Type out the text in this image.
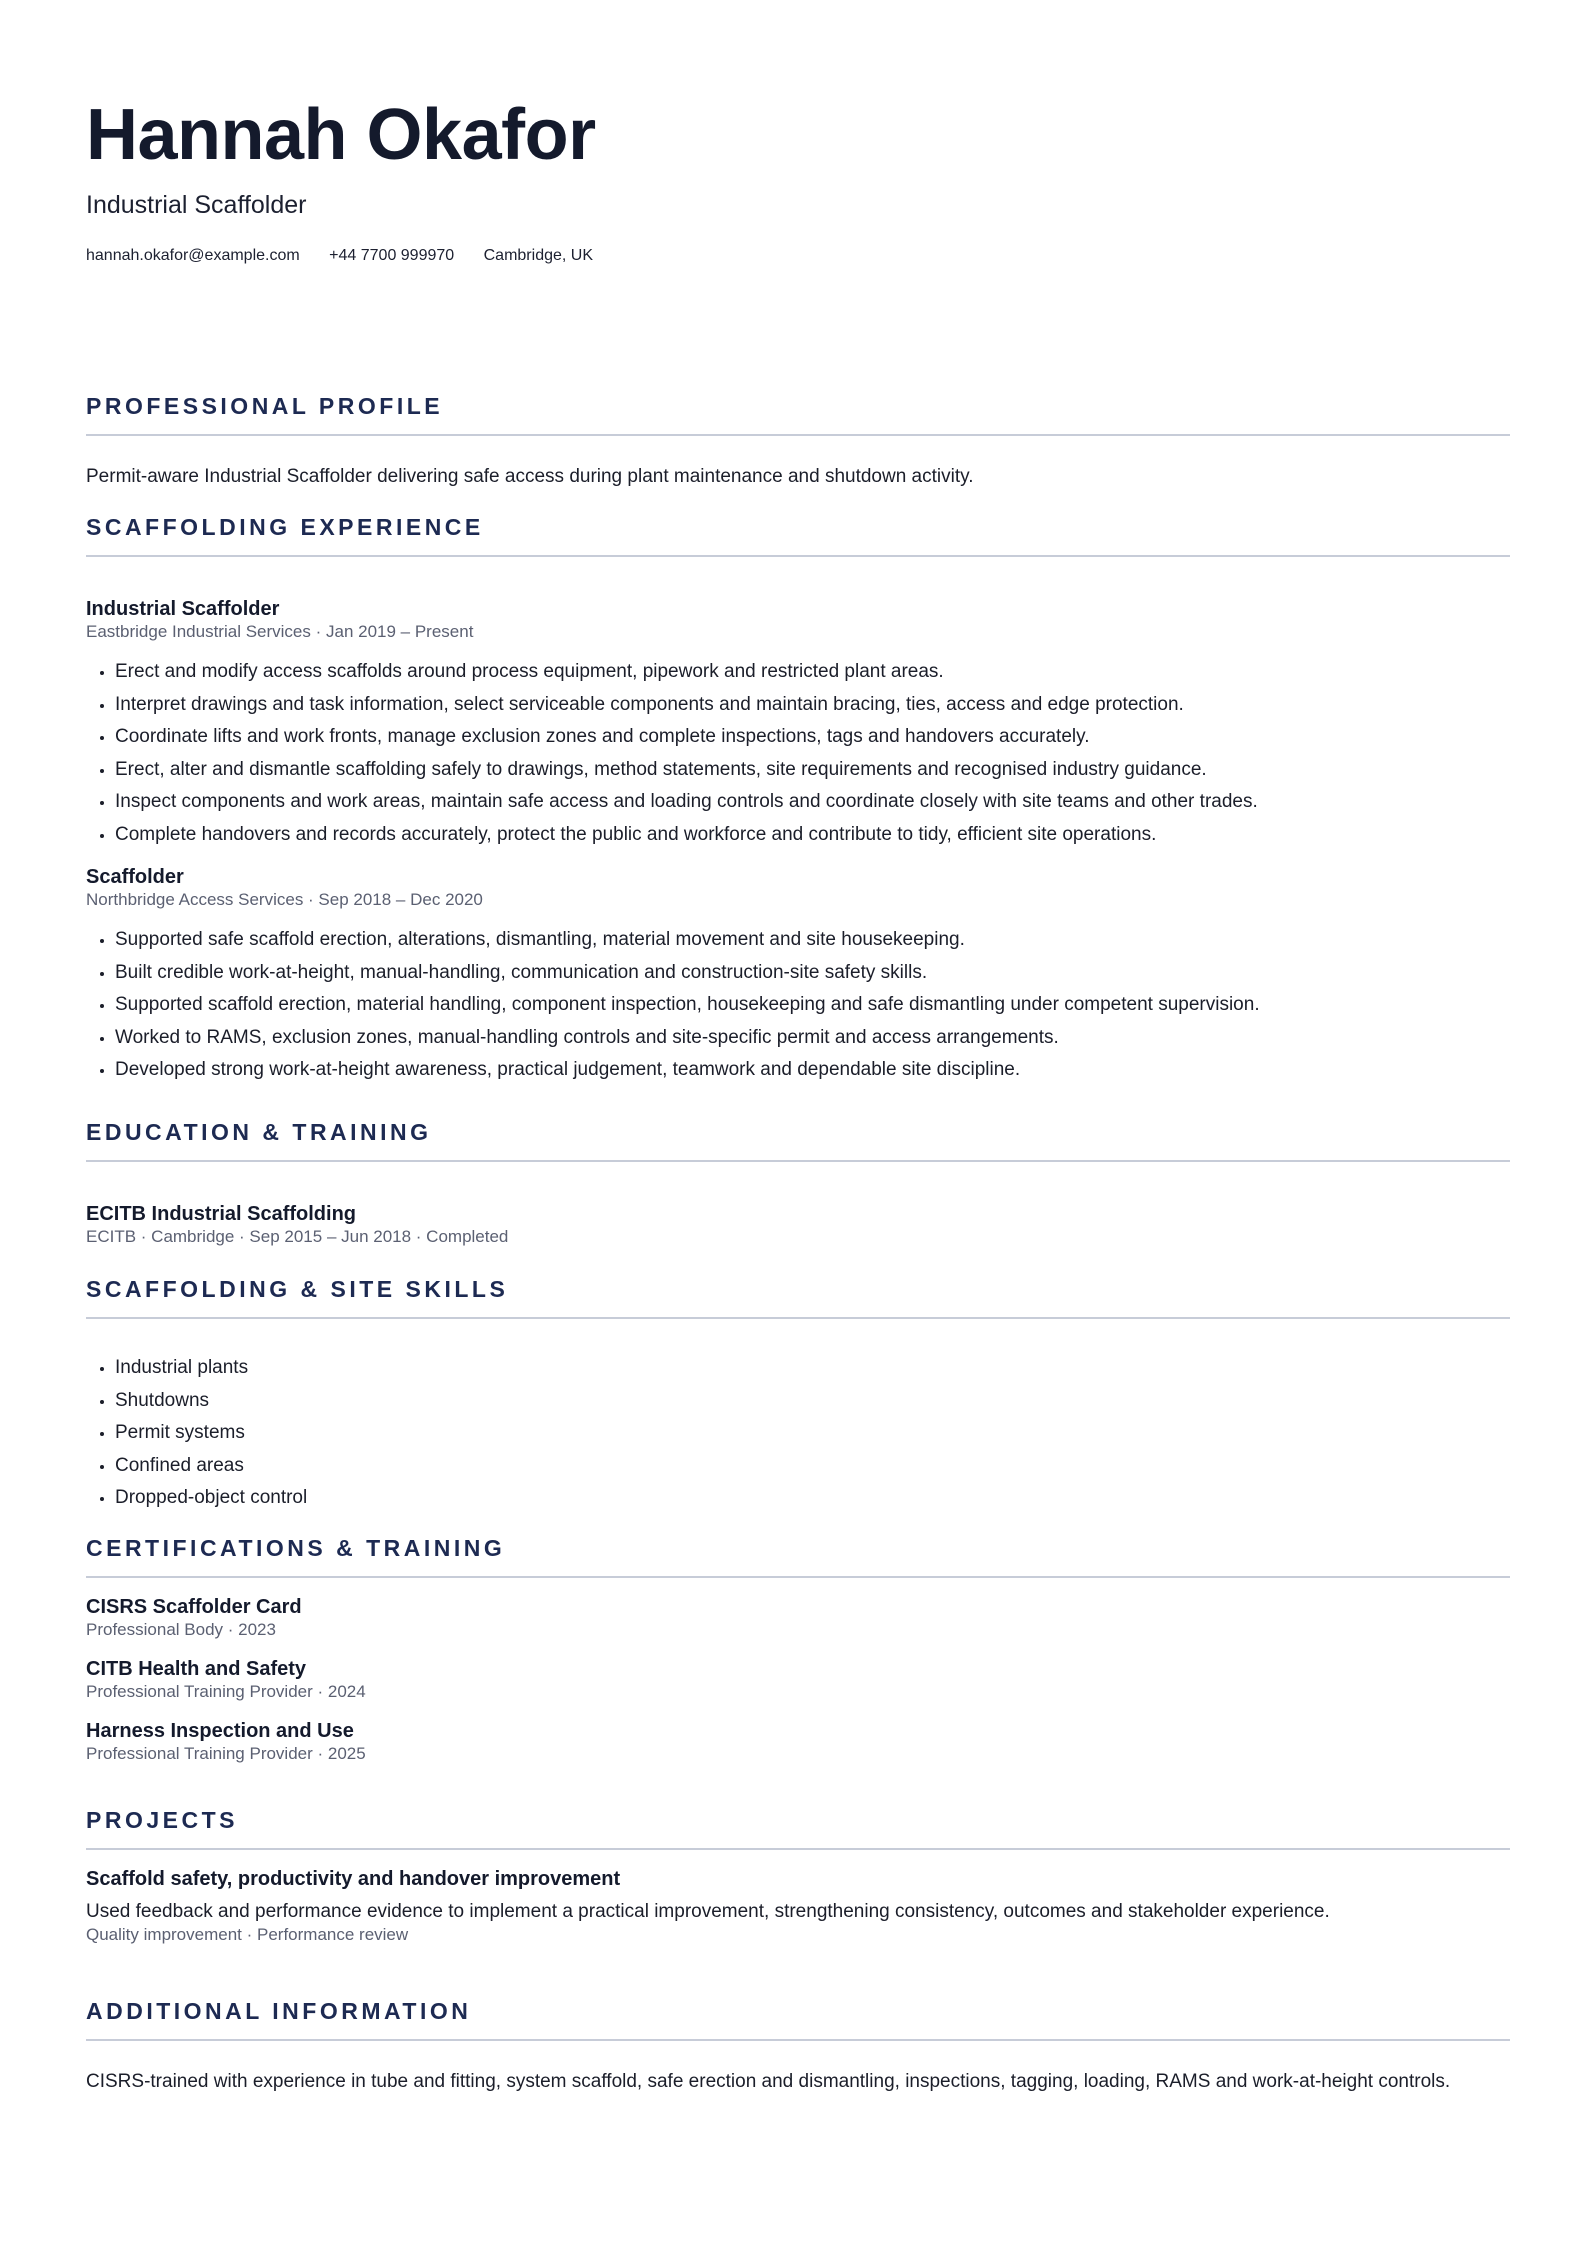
Hannah Okafor

Industrial Scaffolder

hannah.okafor@example.com +44 7700 999970 Cambridge, UK
PROFESSIONAL PROFILE

Permit-aware Industrial Scaffolder delivering safe access during plant maintenance and shutdown activity.

SCAFFOLDING EXPERIENCE

Industrial Scaffolder

Eastbridge Industrial Services · Jan 2019 – Present

• Erect and modify access scaffolds around process equipment, pipework and restricted plant areas.
• Interpret drawings and task information, select serviceable components and maintain bracing, ties, access and edge protection.
• Coordinate lifts and work fronts, manage exclusion zones and complete inspections, tags and handovers accurately.
• Erect, alter and dismantle scaffolding safely to drawings, method statements, site requirements and recognised industry guidance.
• Inspect components and work areas, maintain safe access and loading controls and coordinate closely with site teams and other trades.
• Complete handovers and records accurately, protect the public and workforce and contribute to tidy, efficient site operations.

Scaffolder

Northbridge Access Services · Sep 2018 – Dec 2020

• Supported safe scaffold erection, alterations, dismantling, material movement and site housekeeping.
• Built credible work-at-height, manual-handling, communication and construction-site safety skills.
• Supported scaffold erection, material handling, component inspection, housekeeping and safe dismantling under competent supervision.
• Worked to RAMS, exclusion zones, manual-handling controls and site-specific permit and access arrangements.
• Developed strong work-at-height awareness, practical judgement, teamwork and dependable site discipline.
EDUCATION & TRAINING

ECITB Industrial Scaffolding

ECITB · Cambridge · Sep 2015 – Jun 2018 · Completed

SCAFFOLDING & SITE SKILLS
• Industrial plants
• Shutdowns
• Permit systems
• Confined areas
• Dropped-object control
CERTIFICATIONS & TRAINING

CISRS Scaffolder Card

Professional Body · 2023

CITB Health and Safety

Professional Training Provider · 2024

Harness Inspection and Use

Professional Training Provider · 2025

PROJECTS

Scaffold safety, productivity and handover improvement

Used feedback and performance evidence to implement a practical improvement, strengthening consistency, outcomes and stakeholder experience.

Quality improvement · Performance review

ADDITIONAL INFORMATION

CISRS-trained with experience in tube and fitting, system scaffold, safe erection and dismantling, inspections, tagging, loading, RAMS and work-at-height controls.
